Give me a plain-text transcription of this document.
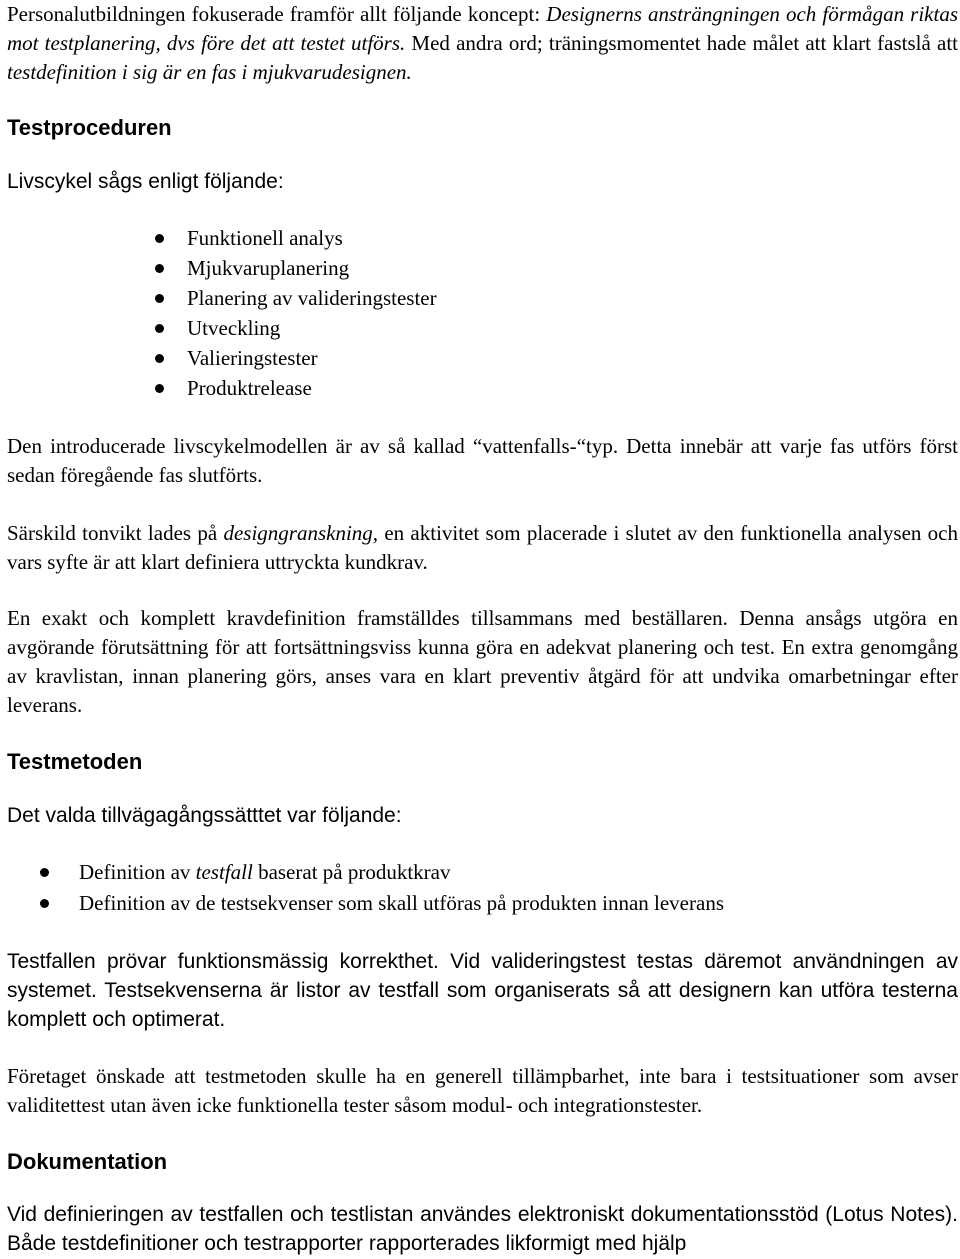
Personalutbildningen fokuserade framför allt följande koncept: Designerns ansträngningen och förmågan riktas mot testplanering, dvs före det att testet utförs. Med andra ord; träningsmomentet hade målet att klart fastslå att testdefinition i sig är en fas i mjukvarudesignen.

Testproceduren

Livscykel sågs enligt följande:

Funktionell analys
Mjukvaruplanering
Planering av valideringstester
Utveckling
Valieringstester
Produktrelease

Den introducerade livscykelmodellen är av så kallad “vattenfalls-“typ. Detta innebär att varje fas utförs först sedan föregående fas slutförts.

Särskild tonvikt lades på designgranskning, en aktivitet som placerade i slutet av den funktionella analysen och vars syfte är att klart definiera uttryckta kundkrav.

En exakt och komplett kravdefinition framställdes tillsammans med beställaren. Denna ansågs utgöra en avgörande förutsättning för att fortsättningsviss kunna göra en adekvat planering och test. En extra genomgång av kravlistan, innan planering görs, anses vara en klart preventiv åtgärd för att undvika omarbetningar efter leverans.

Testmetoden

Det valda tillvägagångssätttet var följande:

Definition av testfall baserat på produktkrav
Definition av de testsekvenser som skall utföras på produkten innan leverans

Testfallen prövar funktionsmässig korrekthet. Vid valideringstest testas däremot användningen av systemet. Testsekvenserna är listor av testfall som organiserats så att designern kan utföra testerna komplett och optimerat.

Företaget önskade att testmetoden skulle ha en generell tillämpbarhet, inte bara i testsituationer som avser validitettest utan även icke funktionella tester såsom modul- och integrationstester.

Dokumentation

Vid definieringen av testfallen och testlistan användes elektroniskt dokumentationsstöd (Lotus Notes). Både testdefinitioner och testrapporter rapporterades likformigt med hjälp
